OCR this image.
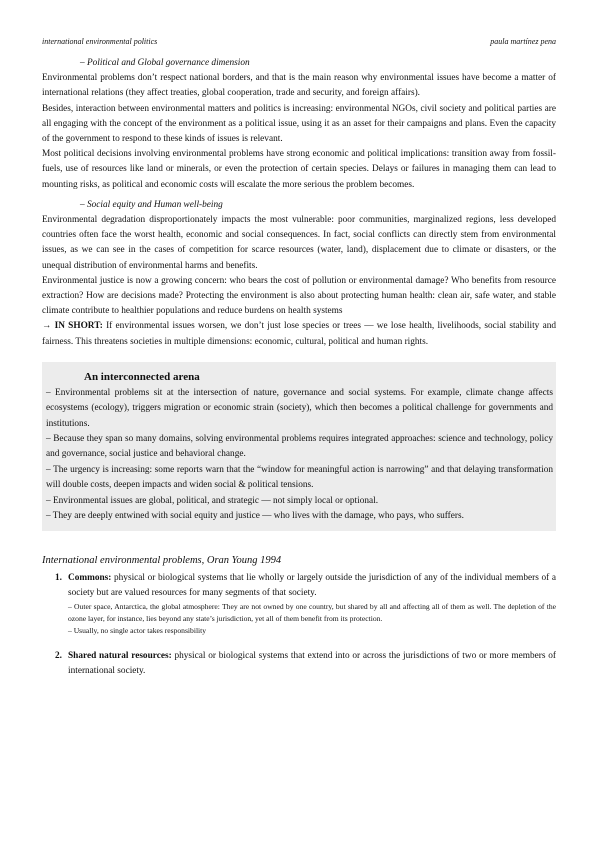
international environmental politics	paula martínez pena
– Political and Global governance dimension

Environmental problems don’t respect national borders, and that is the main reason why environmental issues have become a matter of international relations (they affect treaties, global cooperation, trade and security, and foreign affairs).

Besides, interaction between environmental matters and politics is increasing: environmental NGOs, civil society and political parties are all engaging with the concept of the environment as a political issue, using it as an asset for their campaigns and plans. Even the capacity of the government to respond to these kinds of issues is relevant.

Most political decisions involving environmental problems have strong economic and political implications: transition away from fossil-fuels, use of resources like land or minerals, or even the protection of certain species. Delays or failures in managing them can lead to mounting risks, as political and economic costs will escalate the more serious the problem becomes.

– Social equity and Human well-being

Environmental degradation disproportionately impacts the most vulnerable: poor communities, marginalized regions, less developed countries often face the worst health, economic and social consequences. In fact, social conflicts can directly stem from environmental issues, as we can see in the cases of competition for scarce resources (water, land), displacement due to climate or disasters, or the unequal distribution of environmental harms and benefits.

Environmental justice is now a growing concern: who bears the cost of pollution or environmental damage? Who benefits from resource extraction? How are decisions made? Protecting the environment is also about protecting human health: clean air, safe water, and stable climate contribute to healthier populations and reduce burdens on health systems

→ IN SHORT: If environmental issues worsen, we don’t just lose species or trees — we lose health, livelihoods, social stability and fairness. This threatens societies in multiple dimensions: economic, cultural, political and human rights.

An interconnected arena

– Environmental problems sit at the intersection of nature, governance and social systems. For example, climate change affects ecosystems (ecology), triggers migration or economic strain (society), which then becomes a political challenge for governments and institutions.

– Because they span so many domains, solving environmental problems requires integrated approaches: science and technology, policy and governance, social justice and behavioral change.

– The urgency is increasing: some reports warn that the “window for meaningful action is narrowing” and that delaying transformation will double costs, deepen impacts and widen social & political tensions.

– Environmental issues are global, political, and strategic — not simply local or optional.

– They are deeply entwined with social equity and justice — who lives with the damage, who pays, who suffers.

International environmental problems, Oran Young 1994
1. Commons: physical or biological systems that lie wholly or largely outside the jurisdiction of any of the individual members of a society but are valued resources for many segments of that society.

– Outer space, Antarctica, the global atmosphere: They are not owned by one country, but shared by all and affecting all of them as well. The depletion of the ozone layer, for instance, lies beyond any state’s jurisdiction, yet all of them benefit from its protection.

– Usually, no single actor takes responsibility

2. Shared natural resources: physical or biological systems that extend into or across the jurisdictions of two or more members of international society.
